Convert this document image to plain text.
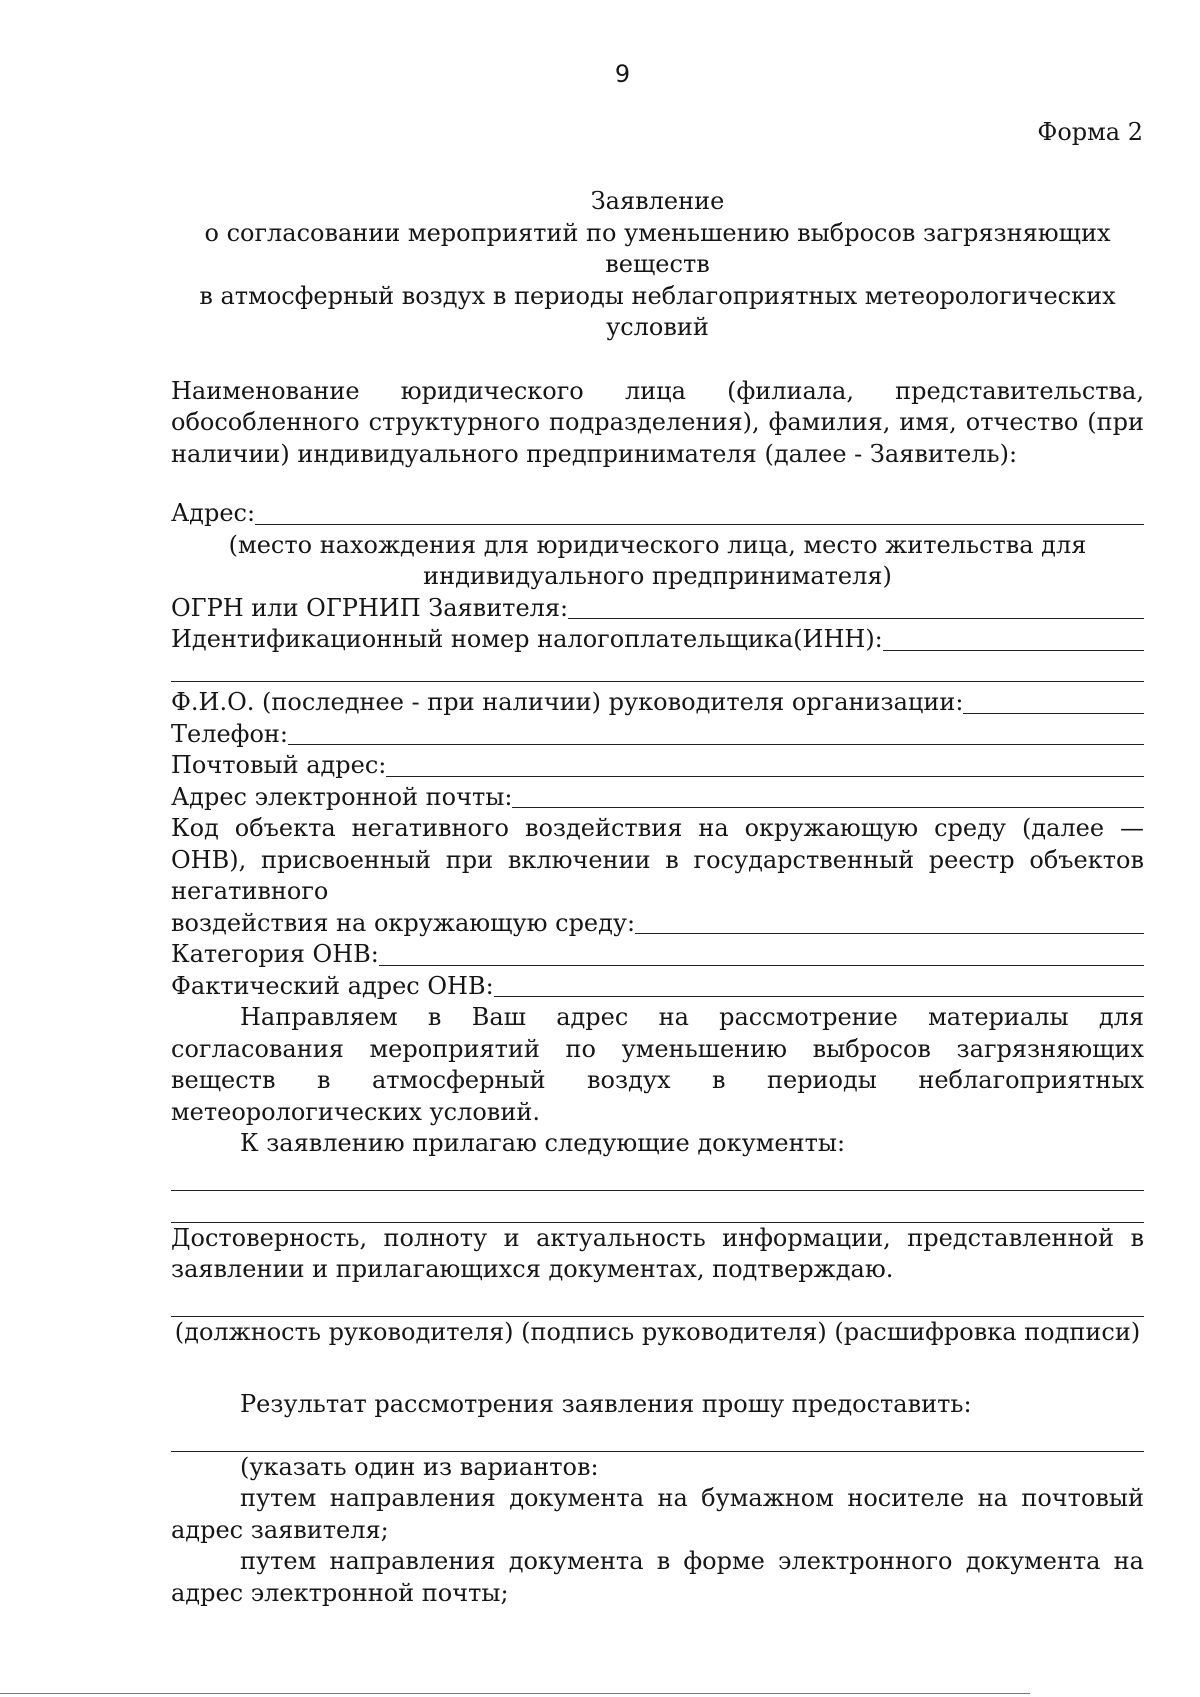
9
Форма 2
Заявление
о согласовании мероприятий по уменьшению выбросов загрязняющих веществ
в атмосферный воздух в периоды неблагоприятных метеорологических условий
Наименование юридического лица (филиала, представительства, обособленного структурного подразделения), фамилия, имя, отчество (при наличии) индивидуального предпринимателя (далее - Заявитель):
Адрес:
(место нахождения для юридического лица, место жительства для индивидуального предпринимателя)
ОГРН или ОГРНИП Заявителя:
Идентификационный номер налогоплательщика(ИНН):
Ф.И.О. (последнее - при наличии) руководителя организации:
Телефон:
Почтовый адрес:
Адрес электронной почты:
Код объекта негативного воздействия на окружающую среду (далее — ОНВ), присвоенный при включении в государственный реестр объектов негативного
воздействия на окружающую среду:
Категория ОНВ:
Фактический адрес ОНВ:
Направляем в Ваш адрес на рассмотрение материалы для согласования мероприятий по уменьшению выбросов загрязняющих веществ в атмосферный воздух в периоды неблагоприятных метеорологических условий.
К заявлению прилагаю следующие документы:
Достоверность, полноту и актуальность информации, представленной в заявлении и прилагающихся документах, подтверждаю.
(должность руководителя) (подпись руководителя) (расшифровка подписи)
Результат рассмотрения заявления прошу предоставить:
(указать один из вариантов:
путем направления документа на бумажном носителе на почтовый адрес заявителя;
путем направления документа в форме электронного документа на адрес электронной почты;
